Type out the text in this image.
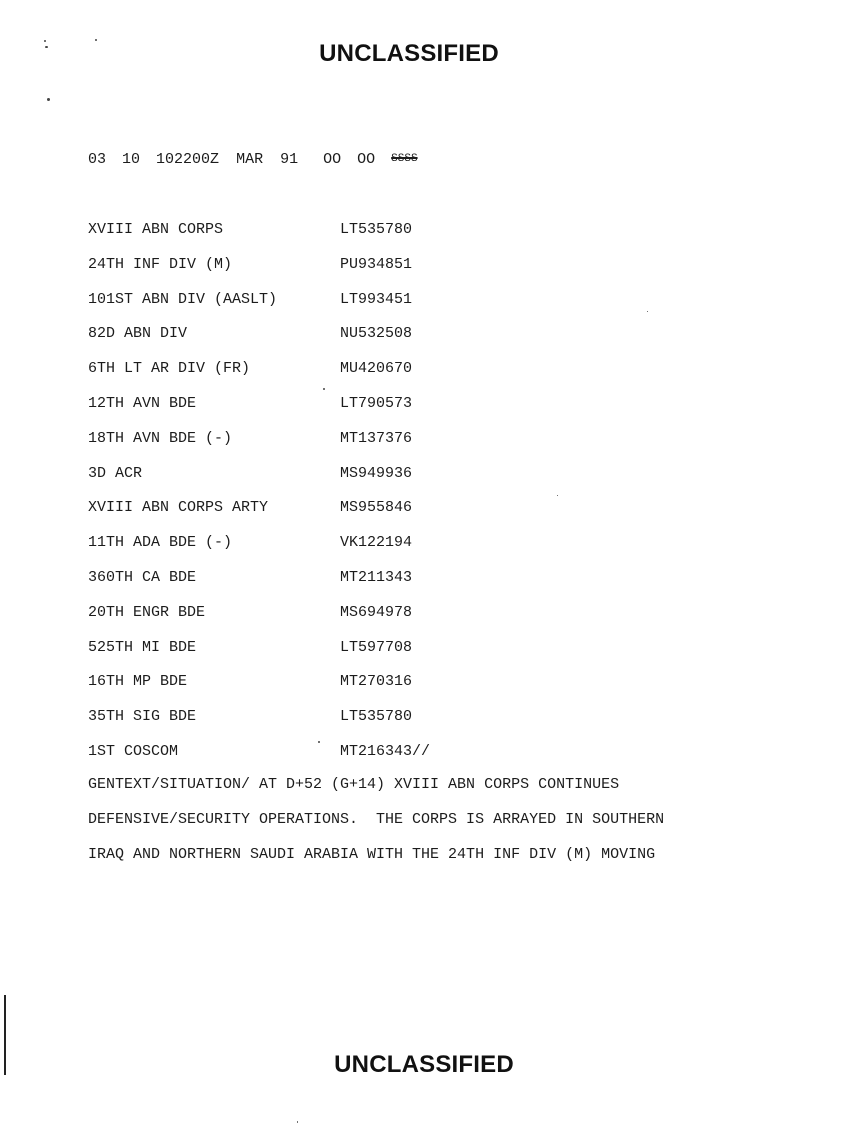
UNCLASSIFIED
03 10 102200Z MAR 91 OO OO SSSS
XVIII ABN CORPS	LT535780
24TH INF DIV (M)	PU934851
101ST ABN DIV (AASLT)	LT993451
82D ABN DIV	NU532508
6TH LT AR DIV (FR)	MU420670
12TH AVN BDE	LT790573
18TH AVN BDE (-)	MT137376
3D ACR	MS949936
XVIII ABN CORPS ARTY	MS955846
11TH ADA BDE (-)	VK122194
360TH CA BDE	MT211343
20TH ENGR BDE	MS694978
525TH MI BDE	LT597708
16TH MP BDE	MT270316
35TH SIG BDE	LT535780
1ST COSCOM	MT216343//
GENTEXT/SITUATION/ AT D+52 (G+14) XVIII ABN CORPS CONTINUES
DEFENSIVE/SECURITY OPERATIONS.  THE CORPS IS ARRAYED IN SOUTHERN
IRAQ AND NORTHERN SAUDI ARABIA WITH THE 24TH INF DIV (M) MOVING
UNCLASSIFIED
